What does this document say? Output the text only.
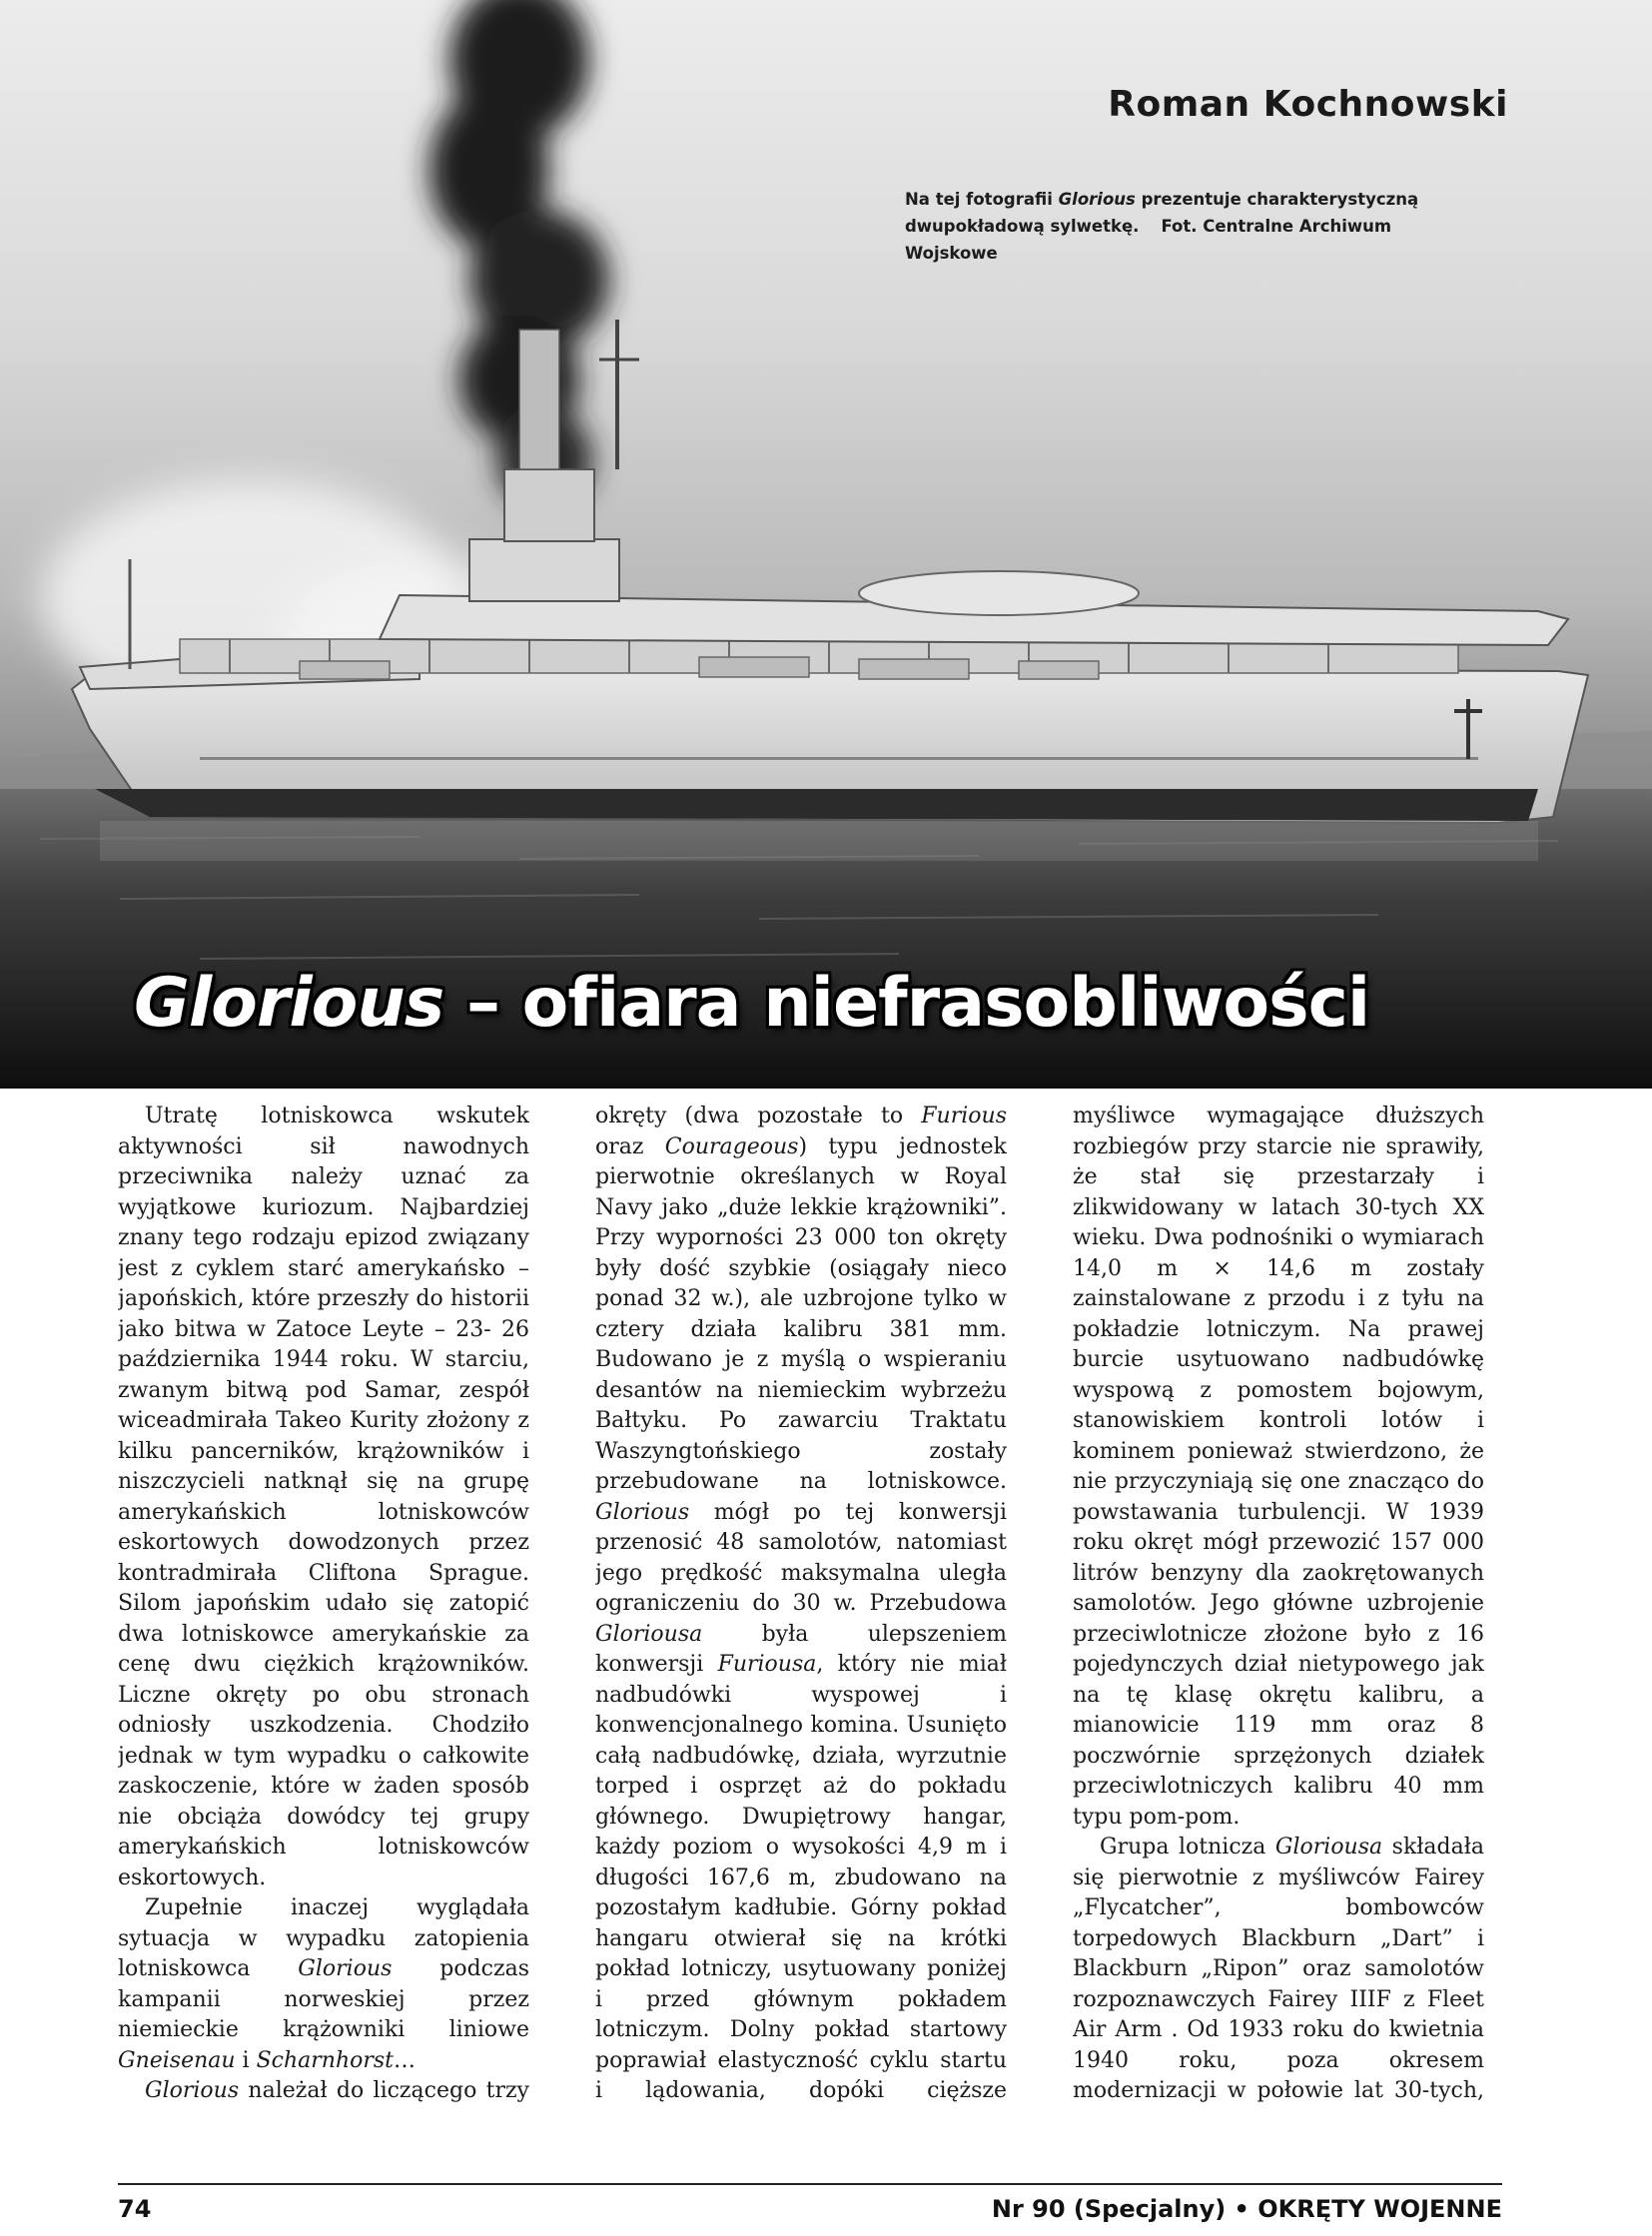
Roman Kochnowski

Na tej fotografii Glorious prezentuje charakterystyczną dwupokładową sylwetkę. Fot. Centralne Archiwum Wojskowe

Glorious – ofiara niefrasobliwości

Utratę lotniskowca wskutek aktywności sił nawodnych przeciwnika należy uznać za wyjątkowe kuriozum. Najbardziej znany tego rodzaju epizod związany jest z cyklem starć amerykańsko – japońskich, które przeszły do historii jako bitwa w Zatoce Leyte – 23- 26 października 1944 roku. W starciu, zwanym bitwą pod Samar, zespół wiceadmirała Takeo Kurity złożony z kilku pancerników, krążowników i niszczycieli natknął się na grupę amerykańskich lotniskowców eskortowych dowodzonych przez kontradmirała Cliftona Sprague. Silom japońskim udało się zatopić dwa lotniskowce amerykańskie za cenę dwu ciężkich krążowników. Liczne okręty po obu stronach odniosły uszkodzenia. Chodziło jednak w tym wypadku o całkowite zaskoczenie, które w żaden sposób nie obciąża dowódcy tej grupy amerykańskich lotniskowców eskortowych.

Zupełnie inaczej wyglądała sytuacja w wypadku zatopienia lotniskowca Glorious podczas kampanii norweskiej przez niemieckie krążowniki liniowe Gneisenau i Scharnhorst…

Glorious należał do liczącego trzy

okręty (dwa pozostałe to Furious oraz Courageous) typu jednostek pierwotnie określanych w Royal Navy jako „duże lekkie krążowniki”. Przy wyporności 23 000 ton okręty były dość szybkie (osiągały nieco ponad 32 w.), ale uzbrojone tylko w cztery działa kalibru 381 mm. Budowano je z myślą o wspieraniu desantów na niemieckim wybrzeżu Bałtyku. Po zawarciu Traktatu Waszyngtońskiego zostały przebudowane na lotniskowce. Glorious mógł po tej konwersji przenosić 48 samolotów, natomiast jego prędkość maksymalna uległa ograniczeniu do 30 w. Przebudowa Gloriousa była ulepszeniem konwersji Furiousa, który nie miał nadbudówki wyspowej i konwencjonalnego komina. Usunięto całą nadbudówkę, działa, wyrzutnie torped i osprzęt aż do pokładu głównego. Dwupiętrowy hangar, każdy poziom o wysokości 4,9 m i długości 167,6 m, zbudowano na pozostałym kadłubie. Górny pokład hangaru otwierał się na krótki pokład lotniczy, usytuowany poniżej i przed głównym pokładem lotniczym. Dolny pokład startowy poprawiał elastyczność cyklu startu i lądowania, dopóki cięższe

myśliwce wymagające dłuższych rozbiegów przy starcie nie sprawiły, że stał się przestarzały i zlikwidowany w latach 30-tych XX wieku. Dwa podnośniki o wymiarach 14,0 m × 14,6 m zostały zainstalowane z przodu i z tyłu na pokładzie lotniczym. Na prawej burcie usytuowano nadbudówkę wyspową z pomostem bojowym, stanowiskiem kontroli lotów i kominem ponieważ stwierdzono, że nie przyczyniają się one znacząco do powstawania turbulencji. W 1939 roku okręt mógł przewozić 157 000 litrów benzyny dla zaokrętowanych samolotów. Jego główne uzbrojenie przeciwlotnicze złożone było z 16 pojedynczych dział nietypowego jak na tę klasę okrętu kalibru, a mianowicie 119 mm oraz 8 poczwórnie sprzężonych działek przeciwlotniczych kalibru 40 mm typu pom-pom.

Grupa lotnicza Gloriousa składała się pierwotnie z myśliwców Fairey „Flycatcher”, bombowców torpedowych Blackburn „Dart” i Blackburn „Ripon” oraz samolotów rozpoznawczych Fairey IIIF z Fleet Air Arm . Od 1933 roku do kwietnia 1940 roku, poza okresem modernizacji w połowie lat 30-tych,

74	Nr 90 (Specjalny) • OKRĘTY WOJENNE
